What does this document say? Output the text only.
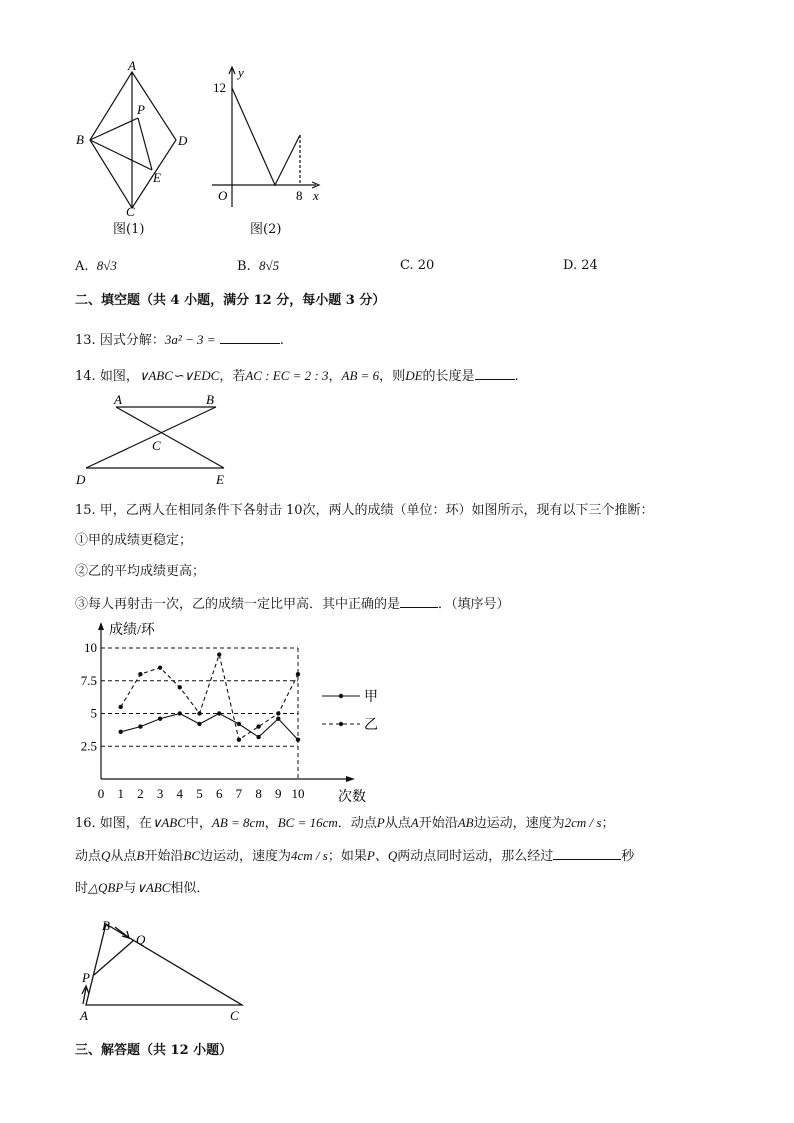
A
P
B	D
E
C
图(1)
y
12
O	8 x
图(2)
A. 8√3	B. 8√5	C. 20	D. 24
二、填空题（共 4 小题，满分 12 分，每小题 3 分）
13. 因式分解：3a² − 3 =	.
14. 如图，∨ABC∽∨EDC，若AC : EC = 2 : 3，AB = 6，则DE的长度是	.
A	B
C
D	E
15. 甲，乙两人在相同条件下各射击 10次，两人的成绩（单位：环）如图所示，现有以下三个推断：
①甲的成绩更稳定；
②乙的平均成绩更高；
③每人再射击一次，乙的成绩一定比甲高．其中正确的是	．（填序号）
2.5
5
7.5
10
成绩/环
0 1 2 3 4 5 6 7 8 9 10 次数
甲
乙
16. 如图，在∨ABC中，AB = 8cm，BC = 16cm．动点P从点A开始沿AB边运动，速度为2cm / s；
动点Q从点B开始沿BC边运动，速度为4cm / s；如果P、Q两动点同时运动，那么经过	秒
时△QBP与∨ABC相似．
B
Q
P
A	C
三、解答题（共 12 小题）
